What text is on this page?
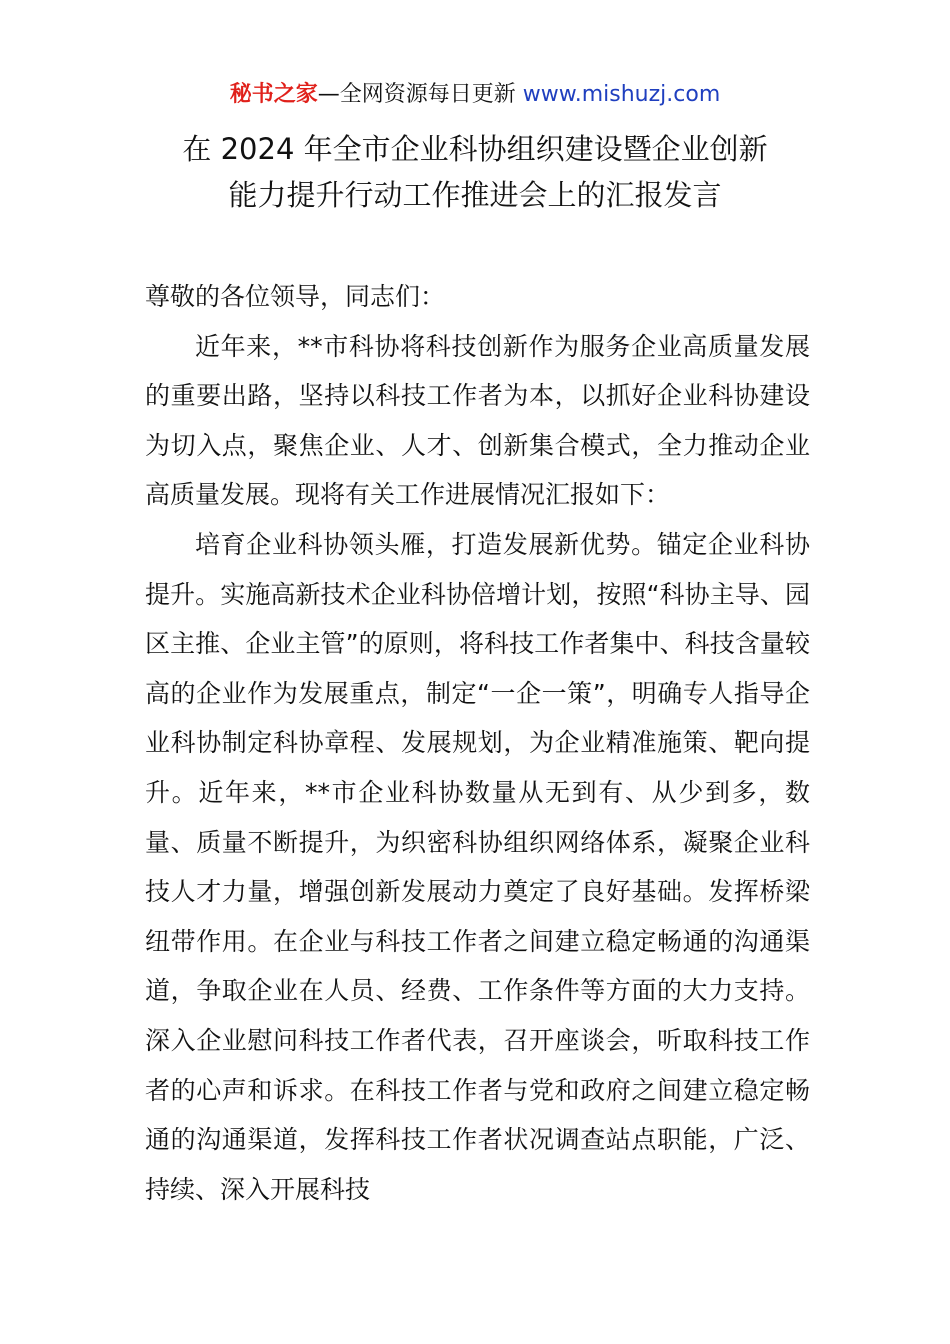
秘书之家—全网资源每日更新 www.mishuzj.com
在 2024 年全市企业科协组织建设暨企业创新
能力提升行动工作推进会上的汇报发言

尊敬的各位领导，同志们：

近年来，**市科协将科技创新作为服务企业高质量发展的重要出路，坚持以科技工作者为本，以抓好企业科协建设为切入点，聚焦企业、人才、创新集合模式，全力推动企业高质量发展。现将有关工作进展情况汇报如下：

培育企业科协领头雁，打造发展新优势。锚定企业科协提升。实施高新技术企业科协倍增计划，按照“科协主导、园区主推、企业主管”的原则，将科技工作者集中、科技含量较高的企业作为发展重点，制定“一企一策”，明确专人指导企业科协制定科协章程、发展规划，为企业精准施策、靶向提升。近年来，**市企业科协数量从无到有、从少到多，数量、质量不断提升，为织密科协组织网络体系，凝聚企业科技人才力量，增强创新发展动力奠定了良好基础。发挥桥梁纽带作用。在企业与科技工作者之间建立稳定畅通的沟通渠道，争取企业在人员、经费、工作条件等方面的大力支持。深入企业慰问科技工作者代表，召开座谈会，听取科技工作者的心声和诉求。在科技工作者与党和政府之间建立稳定畅通的沟通渠道，发挥科技工作者状况调查站点职能，广泛、持续、深入开展科技
